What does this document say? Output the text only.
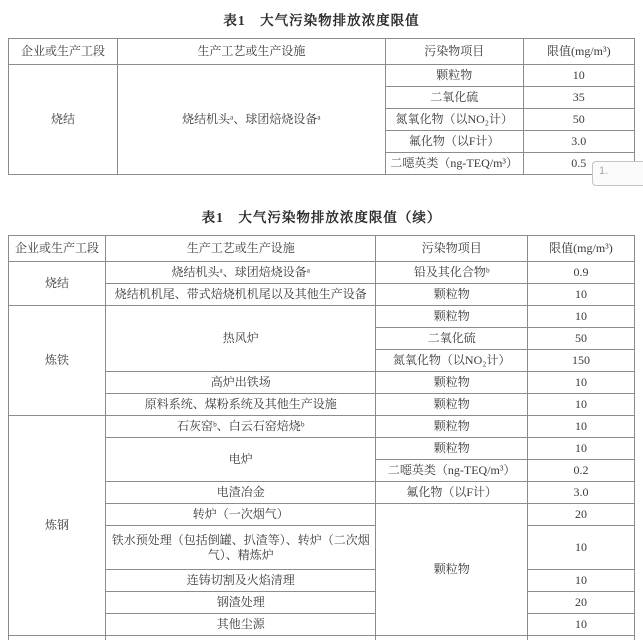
表1　大气污染物排放浓度限值
企业或生产工段	生产工艺或生产设施	污染物项目	限值(mg/m³)
烧结	烧结机头ᵃ、球团焙烧设备ᵃ	颗粒物	10
		二氧化硫	35
		氮氧化物（以NO₂计）	50
		氟化物（以F计）	3.0
		二噁英类（ng-TEQ/m³）	0.5
1.
表1　大气污染物排放浓度限值（续）
企业或生产工段	生产工艺或生产设施	污染物项目	限值(mg/m³)
烧结	烧结机头ᵃ、球团焙烧设备ᵃ	铅及其化合物ᵇ	0.9
	烧结机机尾、带式焙烧机机尾以及其他生产设备	颗粒物	10
炼铁	热风炉	颗粒物	10
		二氧化硫	50
		氮氧化物（以NO₂计）	150
	高炉出铁场	颗粒物	10
	原料系统、煤粉系统及其他生产设施	颗粒物	10
炼钢	石灰窑ᵇ、白云石窑焙烧ᵇ	颗粒物	10
	电炉	颗粒物	10
		二噁英类（ng-TEQ/m³）	0.2
	电渣冶金	氟化物（以F计）	3.0
	转炉（一次烟气）	颗粒物	20
	铁水预处理（包括倒罐、扒渣等）、转炉（二次烟气）、精炼炉		10
	连铸切割及火焰清理		10
	钢渣处理		20
	其他尘源		10
